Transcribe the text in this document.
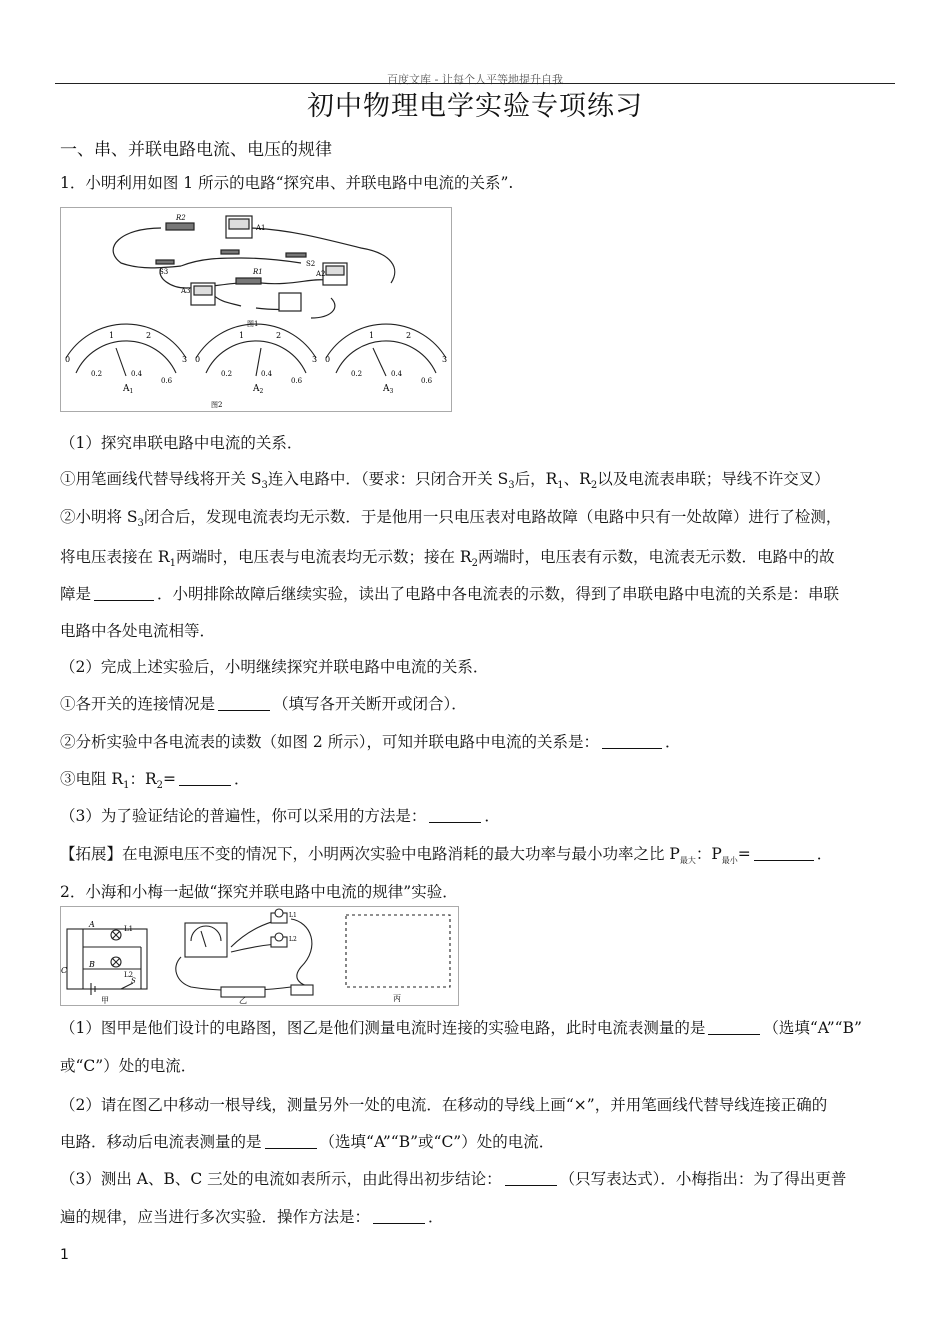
百度文库 - 让每个人平等地提升自我
初中物理电学实验专项练习
一、串、并联电路电流、电压的规律
1．小明利用如图 1 所示的电路“探究串、并联电路中电流的关系”.
R2
A1
S2
S3	R1
A3
A2
图1
0
1	2
3
0.2	0.4
0.6
0
1	2
3
0.2	0.4
0.6
0
1	2
3
0.2	0.4
0.6
$A_1$	$A_2$	$A_3$
图2
（1）探究串联电路中电流的关系．
①用笔画线代替导线将开关 $S_3$连入电路中．（要求：只闭合开关 $S_3$后，$R_1$、$R_2$以及电流表串联；导线不许交叉）
②小明将 $S_3$闭合后，发现电流表均无示数．于是他用一只电压表对电路故障（电路中只有一处故障）进行了检测，
将电压表接在 $R_1$两端时，电压表与电流表均无示数；接在 $R_2$两端时，电压表有示数，电流表无示数．电路中的故
障是	．小明排除故障后继续实验，读出了电路中各电流表的示数，得到了串联电路中电流的关系是：串联
电路中各处电流相等．
（2）完成上述实验后，小明继续探究并联电路中电流的关系．
①各开关的连接情况是	（填写各开关断开或闭合）．
②分析实验中各电流表的读数（如图 2 所示），可知并联电路中电流的关系是：	．
③电阻 $R_1$：$R_2=$	．
（3）为了验证结论的普遍性，你可以采用的方法是：	．
【拓展】在电源电压不变的情况下，小明两次实验中电路消耗的最大功率与最小功率之比 $P_{最大}$：$P_{最小}=$	．
2．小海和小梅一起做“探究并联电路中电流的规律”实验．
A	L1
B
L2
C
S
L1
L2
甲	乙	丙
（1）图甲是他们设计的电路图，图乙是他们测量电流时连接的实验电路，此时电流表测量的是	（选填“A”“B”
或“C”）处的电流．
（2）请在图乙中移动一根导线，测量另外一处的电流．在移动的导线上画“×”，并用笔画线代替导线连接正确的
电路．移动后电流表测量的是	（选填“A”“B”或“C”）处的电流．
（3）测出 A、B、C 三处的电流如表所示，由此得出初步结论：	（只写表达式）．小梅指出：为了得出更普
遍的规律，应当进行多次实验．操作方法是：	．
1
